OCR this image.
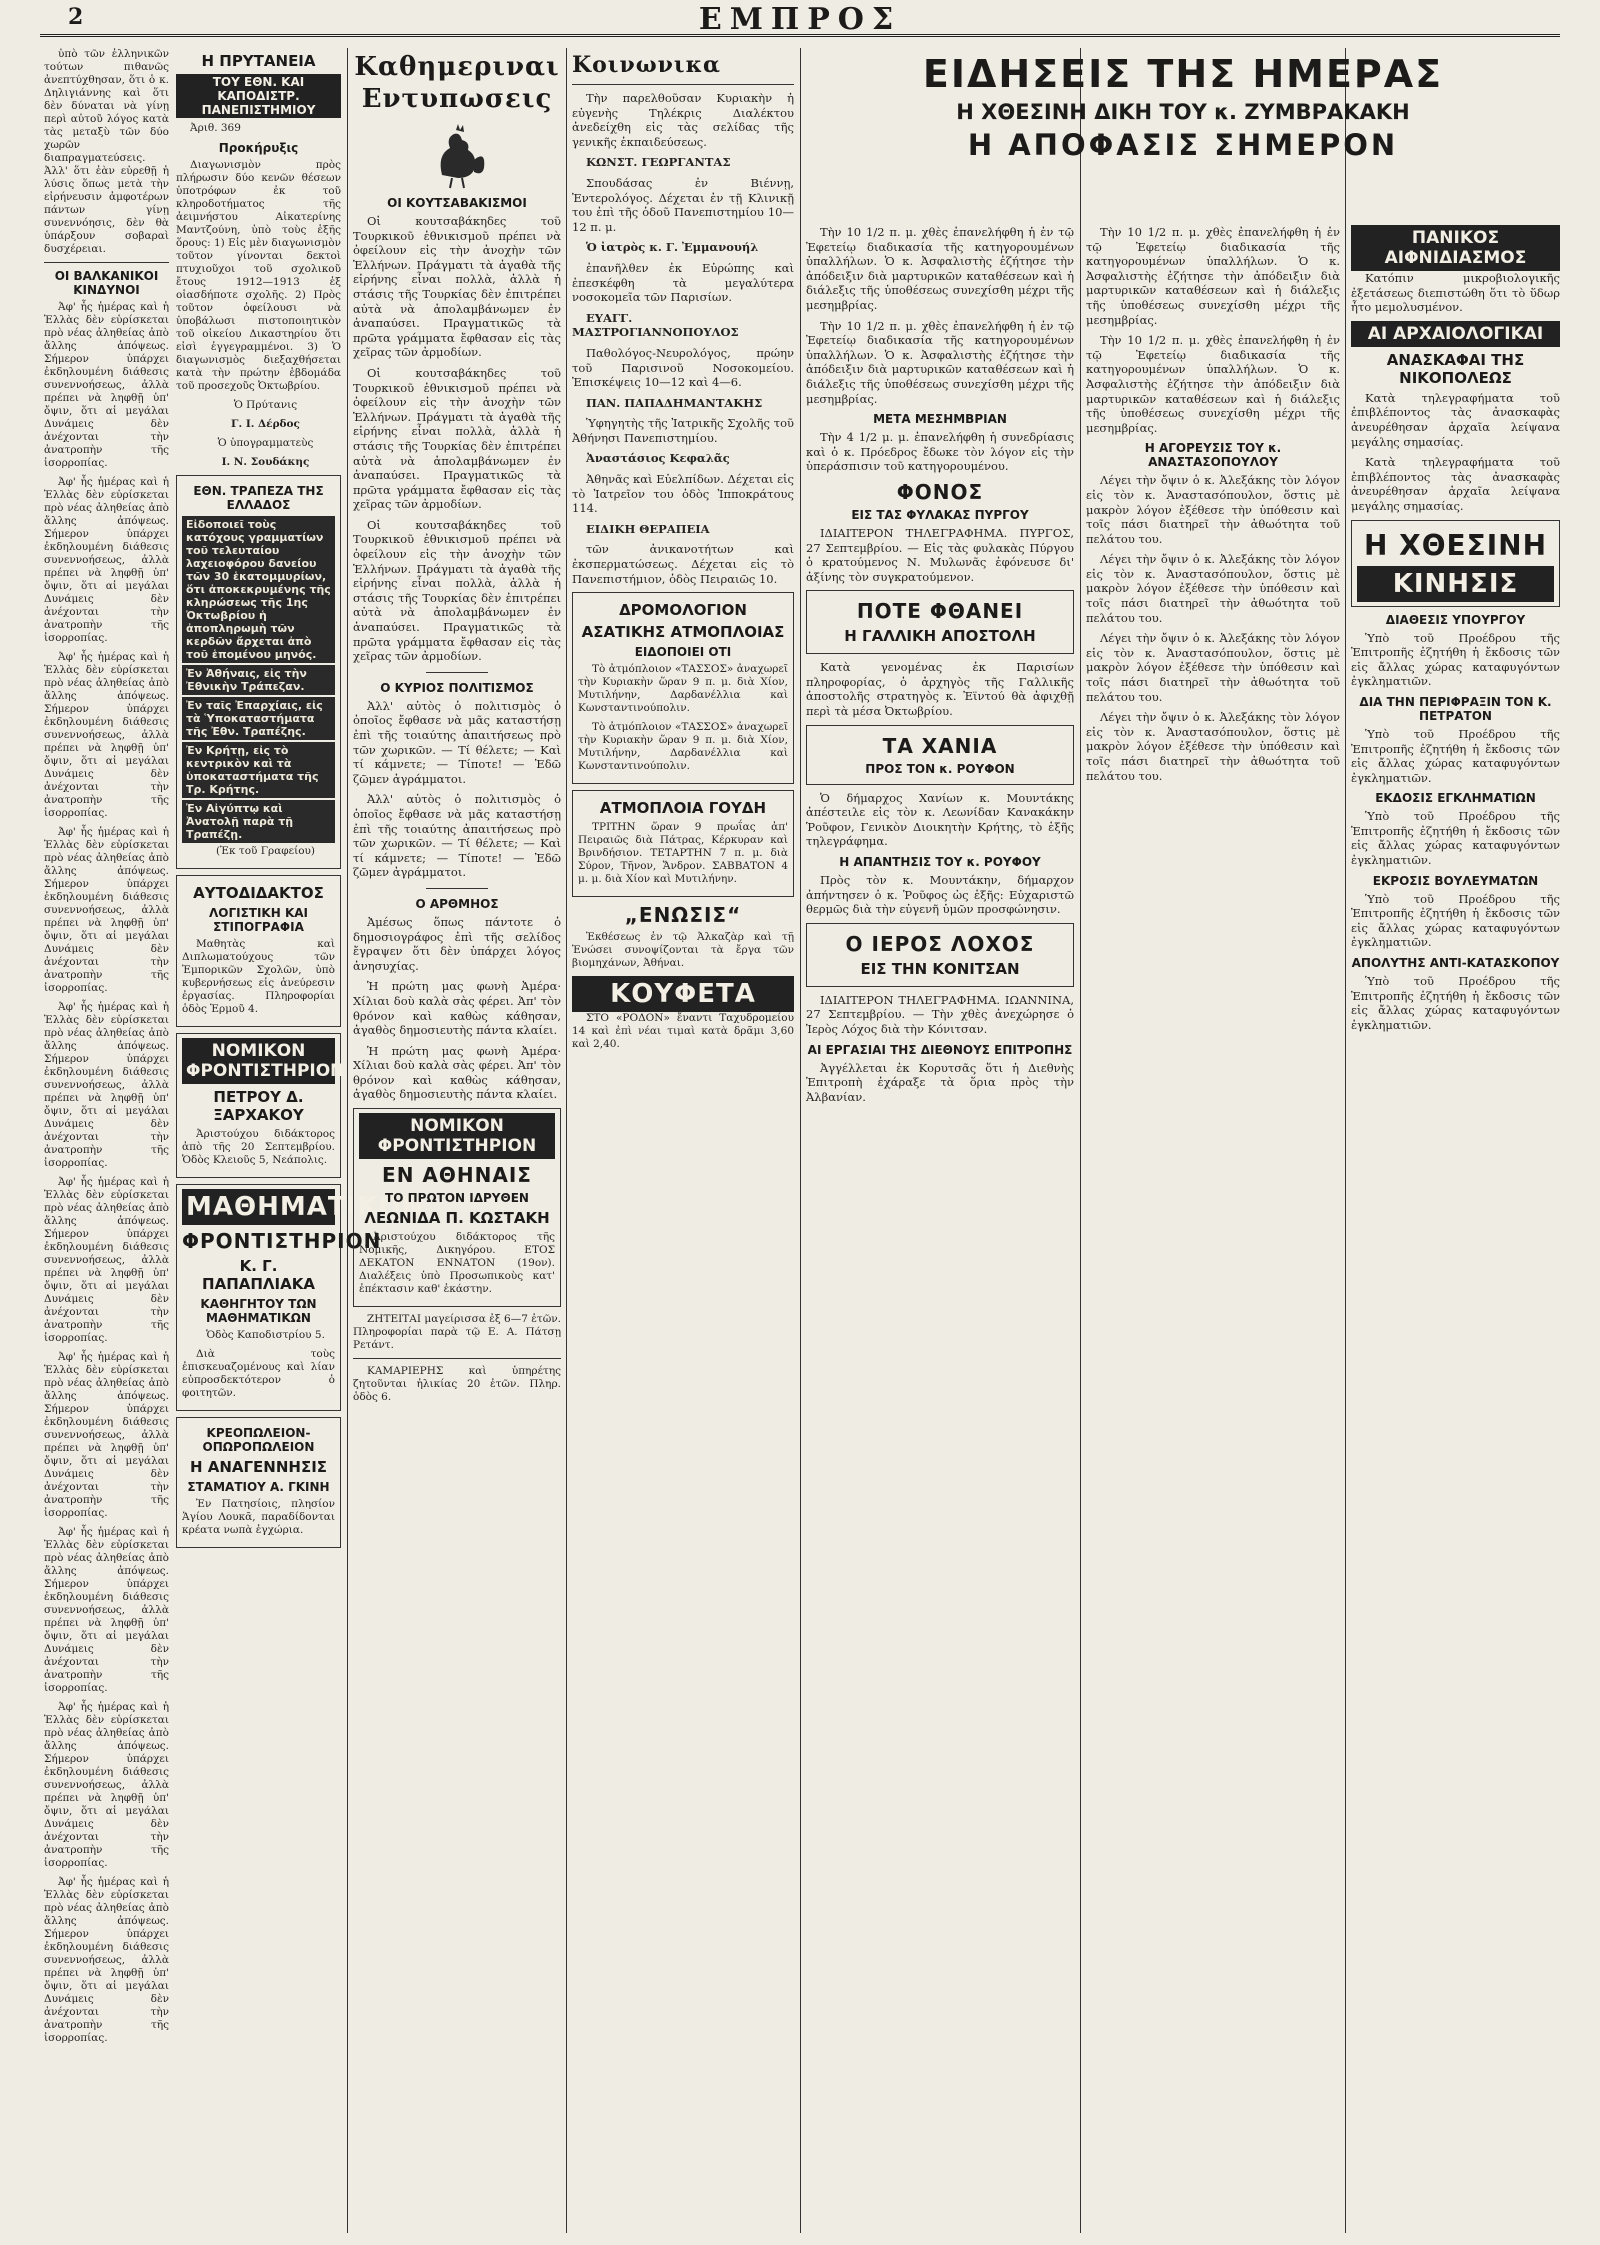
2	ΕΜΠΡΟΣ

ὑπὸ τῶν ἑλληνικῶν τούτων πιθανῶς ἀνεπτύχθησαν, ὅτι ὁ κ. Δηλιγιάννης καὶ ὅτι δὲν δύναται νὰ γίνῃ περὶ αὐτοῦ λόγος κατὰ τὰς μεταξὺ τῶν δύο χωρῶν διαπραγματεύσεις. Ἀλλ' ὅτι ἐὰν εὑρεθῇ ἡ λύσις ὅπως μετὰ τὴν εἰρήνευσιν ἀμφοτέρων πάντων γίνῃ συνεννόησις, δὲν θὰ ὑπάρξουν σοβαραὶ δυσχέρειαι.

ΟΙ ΒΑΛΚΑΝΙΚΟΙ ΚΙΝΔΥΝΟΙ

Ἀφ' ἧς ἡμέρας καὶ ἡ Ἑλλὰς δὲν εὑρίσκεται πρὸ νέας ἀληθείας ἀπὸ ἄλλης ἀπόψεως. Σήμερον ὑπάρχει ἐκδηλουμένη διάθεσις συνεννοήσεως, ἀλλὰ πρέπει νὰ ληφθῇ ὑπ' ὄψιν, ὅτι αἱ μεγάλαι Δυνάμεις δὲν ἀνέχονται τὴν ἀνατροπὴν τῆς ἰσορροπίας.

Ἀφ' ἧς ἡμέρας καὶ ἡ Ἑλλὰς δὲν εὑρίσκεται πρὸ νέας ἀληθείας ἀπὸ ἄλλης ἀπόψεως. Σήμερον ὑπάρχει ἐκδηλουμένη διάθεσις συνεννοήσεως, ἀλλὰ πρέπει νὰ ληφθῇ ὑπ' ὄψιν, ὅτι αἱ μεγάλαι Δυνάμεις δὲν ἀνέχονται τὴν ἀνατροπὴν τῆς ἰσορροπίας.

Ἀφ' ἧς ἡμέρας καὶ ἡ Ἑλλὰς δὲν εὑρίσκεται πρὸ νέας ἀληθείας ἀπὸ ἄλλης ἀπόψεως. Σήμερον ὑπάρχει ἐκδηλουμένη διάθεσις συνεννοήσεως, ἀλλὰ πρέπει νὰ ληφθῇ ὑπ' ὄψιν, ὅτι αἱ μεγάλαι Δυνάμεις δὲν ἀνέχονται τὴν ἀνατροπὴν τῆς ἰσορροπίας.

Ἀφ' ἧς ἡμέρας καὶ ἡ Ἑλλὰς δὲν εὑρίσκεται πρὸ νέας ἀληθείας ἀπὸ ἄλλης ἀπόψεως. Σήμερον ὑπάρχει ἐκδηλουμένη διάθεσις συνεννοήσεως, ἀλλὰ πρέπει νὰ ληφθῇ ὑπ' ὄψιν, ὅτι αἱ μεγάλαι Δυνάμεις δὲν ἀνέχονται τὴν ἀνατροπὴν τῆς ἰσορροπίας.

Ἀφ' ἧς ἡμέρας καὶ ἡ Ἑλλὰς δὲν εὑρίσκεται πρὸ νέας ἀληθείας ἀπὸ ἄλλης ἀπόψεως. Σήμερον ὑπάρχει ἐκδηλουμένη διάθεσις συνεννοήσεως, ἀλλὰ πρέπει νὰ ληφθῇ ὑπ' ὄψιν, ὅτι αἱ μεγάλαι Δυνάμεις δὲν ἀνέχονται τὴν ἀνατροπὴν τῆς ἰσορροπίας.

Ἀφ' ἧς ἡμέρας καὶ ἡ Ἑλλὰς δὲν εὑρίσκεται πρὸ νέας ἀληθείας ἀπὸ ἄλλης ἀπόψεως. Σήμερον ὑπάρχει ἐκδηλουμένη διάθεσις συνεννοήσεως, ἀλλὰ πρέπει νὰ ληφθῇ ὑπ' ὄψιν, ὅτι αἱ μεγάλαι Δυνάμεις δὲν ἀνέχονται τὴν ἀνατροπὴν τῆς ἰσορροπίας.

Ἀφ' ἧς ἡμέρας καὶ ἡ Ἑλλὰς δὲν εὑρίσκεται πρὸ νέας ἀληθείας ἀπὸ ἄλλης ἀπόψεως. Σήμερον ὑπάρχει ἐκδηλουμένη διάθεσις συνεννοήσεως, ἀλλὰ πρέπει νὰ ληφθῇ ὑπ' ὄψιν, ὅτι αἱ μεγάλαι Δυνάμεις δὲν ἀνέχονται τὴν ἀνατροπὴν τῆς ἰσορροπίας.

Ἀφ' ἧς ἡμέρας καὶ ἡ Ἑλλὰς δὲν εὑρίσκεται πρὸ νέας ἀληθείας ἀπὸ ἄλλης ἀπόψεως. Σήμερον ὑπάρχει ἐκδηλουμένη διάθεσις συνεννοήσεως, ἀλλὰ πρέπει νὰ ληφθῇ ὑπ' ὄψιν, ὅτι αἱ μεγάλαι Δυνάμεις δὲν ἀνέχονται τὴν ἀνατροπὴν τῆς ἰσορροπίας.

Ἀφ' ἧς ἡμέρας καὶ ἡ Ἑλλὰς δὲν εὑρίσκεται πρὸ νέας ἀληθείας ἀπὸ ἄλλης ἀπόψεως. Σήμερον ὑπάρχει ἐκδηλουμένη διάθεσις συνεννοήσεως, ἀλλὰ πρέπει νὰ ληφθῇ ὑπ' ὄψιν, ὅτι αἱ μεγάλαι Δυνάμεις δὲν ἀνέχονται τὴν ἀνατροπὴν τῆς ἰσορροπίας.

Ἀφ' ἧς ἡμέρας καὶ ἡ Ἑλλὰς δὲν εὑρίσκεται πρὸ νέας ἀληθείας ἀπὸ ἄλλης ἀπόψεως. Σήμερον ὑπάρχει ἐκδηλουμένη διάθεσις συνεννοήσεως, ἀλλὰ πρέπει νὰ ληφθῇ ὑπ' ὄψιν, ὅτι αἱ μεγάλαι Δυνάμεις δὲν ἀνέχονται τὴν ἀνατροπὴν τῆς ἰσορροπίας.

Η ΠΡΥΤΑΝΕΙΑ
ΤΟΥ ΕΘΝ. ΚΑΙ ΚΑΠΟΔΙΣΤΡ. ΠΑΝΕΠΙΣΤΗΜΙΟΥ

Ἀριθ. 369

Προκήρυξις

Διαγωνισμὸν πρὸς πλήρωσιν δύο κενῶν θέσεων ὑποτρόφων ἐκ τοῦ κληροδοτήματος τῆς ἀειμνήστου Αἰκατερίνης Μαντζούνη, ὑπὸ τοὺς ἑξῆς ὅρους: 1) Εἰς μὲν διαγωνισμὸν τοῦτον γίνονται δεκτοὶ πτυχιοῦχοι τοῦ σχολικοῦ ἔτους 1912—1913 ἐξ οἱασδήποτε σχολῆς. 2) Πρὸς τοῦτον ὀφείλουσι νὰ ὑποβάλωσι πιστοποιητικὸν τοῦ οἰκείου Δικαστηρίου ὅτι εἰσὶ ἐγγεγραμμένοι. 3) Ὁ διαγωνισμὸς διεξαχθήσεται κατὰ τὴν πρώτην ἑβδομάδα τοῦ προσεχοῦς Ὀκτωβρίου.

Ὁ Πρύτανις

Γ. Ι. Δέρδος

Ὁ ὑπογραμματεὺς

Ι. Ν. Σουδάκης

ΕΘΝ. ΤΡΑΠΕΖΑ ΤΗΣ ΕΛΛΑΔΟΣ
Εἰδοποιεῖ τοὺς κατόχους γραμματίων τοῦ τελευταίου λαχειοφόρου δανείου τῶν 30 ἑκατομμυρίων, ὅτι ἀποκεκρυμένης τῆς κληρώσεως τῆς 1ης Ὀκτωβρίου ἡ ἀποπληρωμὴ τῶν κερδῶν ἄρχεται ἀπὸ τοῦ ἑπομένου μηνός.
Ἐν Ἀθήναις, εἰς τὴν Ἐθνικὴν Τράπεζαν.
Ἐν ταῖς Ἐπαρχίαις, εἰς τὰ Ὑποκαταστήματα τῆς Ἐθν. Τραπέζης.
Ἐν Κρήτῃ, εἰς τὸ κεντρικὸν καὶ τὰ ὑποκαταστήματα τῆς Τρ. Κρήτης.
Ἐν Αἰγύπτῳ καὶ Ἀνατολῇ παρὰ τῇ Τραπέζῃ.

(Ἐκ τοῦ Γραφείου)

ΑΥΤΟΔΙΔΑΚΤΟΣ
ΛΟΓΙΣΤΙΚΗ ΚΑΙ ΣΤΙΠΟΓΡΑΦΙΑ

Μαθητὰς καὶ Διπλωματούχους τῶν Ἐμπορικῶν Σχολῶν, ὑπὸ κυβερνήσεως εἰς ἀνεύρεσιν ἐργασίας. Πληροφορίαι ὁδὸς Ἑρμοῦ 4.

ΝΟΜΙΚΟΝ ΦΡΟΝΤΙΣΤΗΡΙΟΝ
ΠΕΤΡΟΥ Δ. ΞΑΡΧΑΚΟΥ

Ἀριστούχου διδάκτορος ἀπὸ τῆς 20 Σεπτεμβρίου. Ὁδὸς Κλειοῦς 5, Νεάπολις.

ΜΑΘΗΜΑΤΙΚΟΝ
ΦΡΟΝΤΙΣΤΗΡΙΟΝ
Κ. Γ. ΠΑΠΑΠΛΙΑΚΑ
ΚΑΘΗΓΗΤΟΥ ΤΩΝ ΜΑΘΗΜΑΤΙΚΩΝ

Ὁδὸς Καποδιστρίου 5.

Διὰ τοὺς ἐπισκευαζομένους καὶ λίαν εὐπροσδεκτότερον ὁ φοιτητῶν.

ΚΡΕΟΠΩΛΕΙΟΝ-ΟΠΩΡΟΠΩΛΕΙΟΝ
Η ΑΝΑΓΕΝΝΗΣΙΣ
ΣΤΑΜΑΤΙΟΥ Α. ΓΚΙΝΗ

Ἐν Πατησίοις, πλησίον Ἁγίου Λουκᾶ, παραδίδονται κρέατα νωπὰ ἐγχώρια.

Καθημεριναι
Εντυπωσεις
ΟΙ ΚΟΥΤΣΑΒΑΚΙΣΜΟΙ

Οἱ κουτσαβάκηδες τοῦ Τουρκικοῦ ἐθνικισμοῦ πρέπει νὰ ὀφείλουν εἰς τὴν ἀνοχὴν τῶν Ἑλλήνων. Πράγματι τὰ ἀγαθὰ τῆς εἰρήνης εἶναι πολλὰ, ἀλλὰ ἡ στάσις τῆς Τουρκίας δὲν ἐπιτρέπει αὐτὰ νὰ ἀπολαμβάνωμεν ἐν ἀναπαύσει. Πραγματικῶς τὰ πρῶτα γράμματα ἔφθασαν εἰς τὰς χεῖρας τῶν ἀρμοδίων.

Οἱ κουτσαβάκηδες τοῦ Τουρκικοῦ ἐθνικισμοῦ πρέπει νὰ ὀφείλουν εἰς τὴν ἀνοχὴν τῶν Ἑλλήνων. Πράγματι τὰ ἀγαθὰ τῆς εἰρήνης εἶναι πολλὰ, ἀλλὰ ἡ στάσις τῆς Τουρκίας δὲν ἐπιτρέπει αὐτὰ νὰ ἀπολαμβάνωμεν ἐν ἀναπαύσει. Πραγματικῶς τὰ πρῶτα γράμματα ἔφθασαν εἰς τὰς χεῖρας τῶν ἀρμοδίων.

Οἱ κουτσαβάκηδες τοῦ Τουρκικοῦ ἐθνικισμοῦ πρέπει νὰ ὀφείλουν εἰς τὴν ἀνοχὴν τῶν Ἑλλήνων. Πράγματι τὰ ἀγαθὰ τῆς εἰρήνης εἶναι πολλὰ, ἀλλὰ ἡ στάσις τῆς Τουρκίας δὲν ἐπιτρέπει αὐτὰ νὰ ἀπολαμβάνωμεν ἐν ἀναπαύσει. Πραγματικῶς τὰ πρῶτα γράμματα ἔφθασαν εἰς τὰς χεῖρας τῶν ἀρμοδίων.

Ο ΚΥΡΙΟΣ ΠΟΛΙΤΙΣΜΟΣ

Ἀλλ' αὐτὸς ὁ πολιτισμὸς ὁ ὁποῖος ἔφθασε νὰ μᾶς καταστήσῃ ἐπὶ τῆς τοιαύτης ἀπαιτήσεως πρὸ τῶν χωρικῶν. — Τί θέλετε; — Καὶ τί κάμνετε; — Τίποτε! — Ἐδῶ ζῶμεν ἀγράμματοι.

Ἀλλ' αὐτὸς ὁ πολιτισμὸς ὁ ὁποῖος ἔφθασε νὰ μᾶς καταστήσῃ ἐπὶ τῆς τοιαύτης ἀπαιτήσεως πρὸ τῶν χωρικῶν. — Τί θέλετε; — Καὶ τί κάμνετε; — Τίποτε! — Ἐδῶ ζῶμεν ἀγράμματοι.

Ο ΑΡΘΜΗΟΣ

Ἀμέσως ὅπως πάντοτε ὁ δημοσιογράφος ἐπὶ τῆς σελίδος ἔγραψεν ὅτι δὲν ὑπάρχει λόγος ἀνησυχίας.

Ἡ πρώτη μας φωνὴ Ἀμέρα· Χίλιαι δοὺ καλὰ σὰς φέρει. Ἀπ' τὸν θρόνον καὶ καθὼς κάθησαν, ἀγαθὸς δημοσιευτὴς πάντα κλαίει.

Ἡ πρώτη μας φωνὴ Ἀμέρα· Χίλιαι δοὺ καλὰ σὰς φέρει. Ἀπ' τὸν θρόνον καὶ καθὼς κάθησαν, ἀγαθὸς δημοσιευτὴς πάντα κλαίει.

ΝΟΜΙΚΟΝ ΦΡΟΝΤΙΣΤΗΡΙΟΝ
ΕΝ ΑΘΗΝΑΙΣ
ΤΟ ΠΡΩΤΟΝ ΙΔΡΥΘΕΝ
ΛΕΩΝΙΔΑ Π. ΚΩΣΤΑΚΗ

Ἀριστούχου διδάκτορος τῆς Νομικῆς, Δικηγόρου. ΕΤΟΣ ΔΕΚΑΤΟΝ ΕΝΝΑΤΟΝ (19ον). Διαλέξεις ὑπὸ Προσωπικοὺς κατ' ἐπέκτασιν καθ' ἑκάστην.

ΖΗΤΕΙΤΑΙ μαγείρισσα ἐξ 6—7 ἐτῶν. Πληροφορίαι παρὰ τῷ Ε. Α. Πάτσῃ Ρετάντ.

ΚΑΜΑΡΙΕΡΗΣ καὶ ὑπηρέτης ζητοῦνται ἡλικίας 20 ἐτῶν. Πληρ. ὁδὸς 6.

Κοινωνικα

Τὴν παρελθοῦσαν Κυριακὴν ἡ εὐγενὴς Τηλέκρις Διαλέκτου ἀνεδείχθη εἰς τὰς σελίδας τῆς γενικῆς ἐκπαιδεύσεως.

ΚΩΝΣΤ. ΓΕΩΡΓΑΝΤΑΣ

Σπουδάσας ἐν Βιέννῃ, Ἐντερολόγος. Δέχεται ἐν τῇ Κλινικῇ του ἐπὶ τῆς ὁδοῦ Πανεπιστημίου 10—12 π. μ.

Ὁ ἰατρὸς κ. Γ. Ἐμμανουήλ

ἐπανῆλθεν ἐκ Εὐρώπης καὶ ἐπεσκέφθη τὰ μεγαλύτερα νοσοκομεῖα τῶν Παρισίων.

ΕΥΑΓΓ. ΜΑΣΤΡΟΓΙΑΝΝΟΠΟΥΛΟΣ

Παθολόγος-Νευρολόγος, πρώην τοῦ Παρισινοῦ Νοσοκομείου. Ἐπισκέψεις 10—12 καὶ 4—6.

ΠΑΝ. ΠΑΠΑΔΗΜΑΝΤΑΚΗΣ

Ὑφηγητὴς τῆς Ἰατρικῆς Σχολῆς τοῦ Ἀθήνησι Πανεπιστημίου.

Ἀναστάσιος Κεφαλᾶς

Ἀθηνᾶς καὶ Εὐελπίδων. Δέχεται εἰς τὸ Ἰατρεῖον του ὁδὸς Ἱπποκράτους 114.

ΕΙΔΙΚΗ ΘΕΡΑΠΕΙΑ

τῶν ἀνικανοτήτων καὶ ἐκσπερματώσεως. Δέχεται εἰς τὸ Πανεπιστήμιον, ὁδὸς Πειραιῶς 10.

ΔΡΟΜΟΛΟΓΙΟΝ
ΑΣΑΤΙΚΗΣ ΑΤΜΟΠΛΟΙΑΣ
ΕΙΔΟΠΟΙΕΙ ΟΤΙ

Τὸ ἀτμόπλοιον «ΤΑΣΣΟΣ» ἀναχωρεῖ τὴν Κυριακὴν ὥραν 9 π. μ. διὰ Χίον, Μυτιλήνην, Δαρδανέλλια καὶ Κωνσταντινούπολιν.

Τὸ ἀτμόπλοιον «ΤΑΣΣΟΣ» ἀναχωρεῖ τὴν Κυριακὴν ὥραν 9 π. μ. διὰ Χίον, Μυτιλήνην, Δαρδανέλλια καὶ Κωνσταντινούπολιν.

ΑΤΜΟΠΛΟΙΑ ΓΟΥΔΗ

ΤΡΙΤΗΝ ὥραν 9 πρωΐας ἀπ' Πειραιῶς διὰ Πάτρας, Κέρκυραν καὶ Βρινδήσιον. ΤΕΤΑΡΤΗΝ 7 π. μ. διὰ Σύρον, Τῆνον, Ἄνδρον. ΣΑΒΒΑΤΟΝ 4 μ. μ. διὰ Χίον καὶ Μυτιλήνην.

„ΕΝΩΣΙΣ“

Ἐκθέσεως ἐν τῷ Ἀλκαζὰρ καὶ τῇ Ἑνώσει συνοψίζονται τὰ ἔργα τῶν βιομηχάνων, Ἀθήναι.

ΚΟΥΦΕΤΑ

ΣΤΟ «ΡΟΔΟΝ» ἔναντι Ταχυδρομείου 14 καὶ ἐπὶ νέαι τιμαὶ κατὰ δρᾶμι 3,60 καὶ 2,40.

ΕΙΔΗΣΕΙΣ ΤΗΣ ΗΜΕΡΑΣ
Η ΧΘΕΣΙΝΗ ΔΙΚΗ ΤΟΥ κ. ΖΥΜΒΡΑΚΑΚΗ
Η ΑΠΟΦΑΣΙΣ ΣΗΜΕΡΟΝ

Τὴν 10 1/2 π. μ. χθὲς ἐπανελήφθη ἡ ἐν τῷ Ἐφετείῳ διαδικασία τῆς κατηγορουμένων ὑπαλλήλων. Ὁ κ. Ἀσφαλιστὴς ἐζήτησε τὴν ἀπόδειξιν διὰ μαρτυρικῶν καταθέσεων καὶ ἡ διάλεξις τῆς ὑποθέσεως συνεχίσθη μέχρι τῆς μεσημβρίας.

Τὴν 10 1/2 π. μ. χθὲς ἐπανελήφθη ἡ ἐν τῷ Ἐφετείῳ διαδικασία τῆς κατηγορουμένων ὑπαλλήλων. Ὁ κ. Ἀσφαλιστὴς ἐζήτησε τὴν ἀπόδειξιν διὰ μαρτυρικῶν καταθέσεων καὶ ἡ διάλεξις τῆς ὑποθέσεως συνεχίσθη μέχρι τῆς μεσημβρίας.

ΜΕΤΑ ΜΕΣΗΜΒΡΙΑΝ

Τὴν 4 1/2 μ. μ. ἐπανελήφθη ἡ συνεδρίασις καὶ ὁ κ. Πρόεδρος ἔδωκε τὸν λόγον εἰς τὴν ὑπεράσπισιν τοῦ κατηγορουμένου.

ΦΟΝΟΣ
ΕΙΣ ΤΑΣ ΦΥΛΑΚΑΣ ΠΥΡΓΟΥ

ΙΔΙΑΙΤΕΡΟΝ ΤΗΛΕΓΡΑΦΗΜΑ. ΠΥΡΓΟΣ, 27 Σεπτεμβρίου. — Εἰς τὰς φυλακὰς Πύργου ὁ κρατούμενος Ν. Μυλωνᾶς ἐφόνευσε δι' ἀξίνης τὸν συγκρατούμενον.

ΠΟΤΕ ΦΘΑΝΕΙ
Η ΓΑΛΛΙΚΗ ΑΠΟΣΤΟΛΗ

Κατὰ γενομένας ἐκ Παρισίων πληροφορίας, ὁ ἀρχηγὸς τῆς Γαλλικῆς ἀποστολῆς στρατηγὸς κ. Ἐϊντού θὰ ἀφιχθῇ περὶ τὰ μέσα Ὀκτωβρίου.

ΤΑ ΧΑΝΙΑ
ΠΡΟΣ ΤΟΝ κ. ΡΟΥΦΟΝ

Ὁ δήμαρχος Χανίων κ. Μουντάκης ἀπέστειλε εἰς τὸν κ. Λεωνίδαν Κανακάκην Ῥοῦφον, Γενικὸν Διοικητὴν Κρήτης, τὸ ἑξῆς τηλεγράφημα.

Η ΑΠΑΝΤΗΣΙΣ ΤΟΥ κ. ΡΟΥΦΟΥ

Πρὸς τὸν κ. Μουντάκην, δήμαρχον ἀπήντησεν ὁ κ. Ῥοῦφος ὡς ἑξῆς: Εὐχαριστῶ θερμῶς διὰ τὴν εὐγενῆ ὑμῶν προσφώνησιν.

Ο ΙΕΡΟΣ ΛΟΧΟΣ
ΕΙΣ ΤΗΝ ΚΟΝΙΤΣΑΝ

ΙΔΙΑΙΤΕΡΟΝ ΤΗΛΕΓΡΑΦΗΜΑ. ΙΩΑΝΝΙΝΑ, 27 Σεπτεμβρίου. — Τὴν χθὲς ἀνεχώρησε ὁ Ἱερὸς Λόχος διὰ τὴν Κόνιτσαν.

ΑΙ ΕΡΓΑΣΙΑΙ ΤΗΣ ΔΙΕΘΝΟΥΣ ΕΠΙΤΡΟΠΗΣ

Ἀγγέλλεται ἐκ Κορυτσᾶς ὅτι ἡ Διεθνὴς Ἐπιτροπὴ ἐχάραξε τὰ ὅρια πρὸς τὴν Ἀλβανίαν.

Τὴν 10 1/2 π. μ. χθὲς ἐπανελήφθη ἡ ἐν τῷ Ἐφετείῳ διαδικασία τῆς κατηγορουμένων ὑπαλλήλων. Ὁ κ. Ἀσφαλιστὴς ἐζήτησε τὴν ἀπόδειξιν διὰ μαρτυρικῶν καταθέσεων καὶ ἡ διάλεξις τῆς ὑποθέσεως συνεχίσθη μέχρι τῆς μεσημβρίας.

Τὴν 10 1/2 π. μ. χθὲς ἐπανελήφθη ἡ ἐν τῷ Ἐφετείῳ διαδικασία τῆς κατηγορουμένων ὑπαλλήλων. Ὁ κ. Ἀσφαλιστὴς ἐζήτησε τὴν ἀπόδειξιν διὰ μαρτυρικῶν καταθέσεων καὶ ἡ διάλεξις τῆς ὑποθέσεως συνεχίσθη μέχρι τῆς μεσημβρίας.

Η ΑΓΟΡΕΥΣΙΣ ΤΟΥ κ. ΑΝΑΣΤΑΣΟΠΟΥΛΟΥ

Λέγει τὴν ὄψιν ὁ κ. Ἀλεξάκης τὸν λόγον εἰς τὸν κ. Ἀναστασόπουλον, ὅστις μὲ μακρὸν λόγον ἐξέθεσε τὴν ὑπόθεσιν καὶ τοῖς πάσι διατηρεῖ τὴν ἀθωότητα τοῦ πελάτου του.

Λέγει τὴν ὄψιν ὁ κ. Ἀλεξάκης τὸν λόγον εἰς τὸν κ. Ἀναστασόπουλον, ὅστις μὲ μακρὸν λόγον ἐξέθεσε τὴν ὑπόθεσιν καὶ τοῖς πάσι διατηρεῖ τὴν ἀθωότητα τοῦ πελάτου του.

Λέγει τὴν ὄψιν ὁ κ. Ἀλεξάκης τὸν λόγον εἰς τὸν κ. Ἀναστασόπουλον, ὅστις μὲ μακρὸν λόγον ἐξέθεσε τὴν ὑπόθεσιν καὶ τοῖς πάσι διατηρεῖ τὴν ἀθωότητα τοῦ πελάτου του.

Λέγει τὴν ὄψιν ὁ κ. Ἀλεξάκης τὸν λόγον εἰς τὸν κ. Ἀναστασόπουλον, ὅστις μὲ μακρὸν λόγον ἐξέθεσε τὴν ὑπόθεσιν καὶ τοῖς πάσι διατηρεῖ τὴν ἀθωότητα τοῦ πελάτου του.

ΠΑΝΙΚΟΣ ΑΙΦΝΙΔΙΑΣΜΟΣ

Κατόπιν μικροβιολογικῆς ἐξετάσεως διεπιστώθη ὅτι τὸ ὕδωρ ἦτο μεμολυσμένον.

ΑΙ ΑΡΧΑΙΟΛΟΓΙΚΑΙ
ΑΝΑΣΚΑΦΑΙ ΤΗΣ ΝΙΚΟΠΟΛΕΩΣ

Κατὰ τηλεγραφήματα τοῦ ἐπιβλέποντος τὰς ἀνασκαφὰς ἀνευρέθησαν ἀρχαῖα λείψανα μεγάλης σημασίας.

Κατὰ τηλεγραφήματα τοῦ ἐπιβλέποντος τὰς ἀνασκαφὰς ἀνευρέθησαν ἀρχαῖα λείψανα μεγάλης σημασίας.

Η ΧΘΕΣΙΝΗ
ΚΙΝΗΣΙΣ
ΔΙΑΘΕΣΙΣ ΥΠΟΥΡΓΟΥ

Ὑπὸ τοῦ Προέδρου τῆς Ἐπιτροπῆς ἐζητήθη ἡ ἔκδοσις τῶν εἰς ἄλλας χώρας καταφυγόντων ἐγκληματιῶν.

ΔΙΑ ΤΗΝ ΠΕΡΙΦΡΑΞΙΝ ΤΟΝ Κ. ΠΕΤΡΑΤΟΝ

Ὑπὸ τοῦ Προέδρου τῆς Ἐπιτροπῆς ἐζητήθη ἡ ἔκδοσις τῶν εἰς ἄλλας χώρας καταφυγόντων ἐγκληματιῶν.

ΕΚΔΟΣΙΣ ΕΓΚΛΗΜΑΤΙΩΝ

Ὑπὸ τοῦ Προέδρου τῆς Ἐπιτροπῆς ἐζητήθη ἡ ἔκδοσις τῶν εἰς ἄλλας χώρας καταφυγόντων ἐγκληματιῶν.

ΕΚΡΟΣΙΣ ΒΟΥΛΕΥΜΑΤΩΝ

Ὑπὸ τοῦ Προέδρου τῆς Ἐπιτροπῆς ἐζητήθη ἡ ἔκδοσις τῶν εἰς ἄλλας χώρας καταφυγόντων ἐγκληματιῶν.

ΑΠΟΛΥΤΗΣ ΑΝΤΙ-ΚΑΤΑΣΚΟΠΟΥ

Ὑπὸ τοῦ Προέδρου τῆς Ἐπιτροπῆς ἐζητήθη ἡ ἔκδοσις τῶν εἰς ἄλλας χώρας καταφυγόντων ἐγκληματιῶν.
